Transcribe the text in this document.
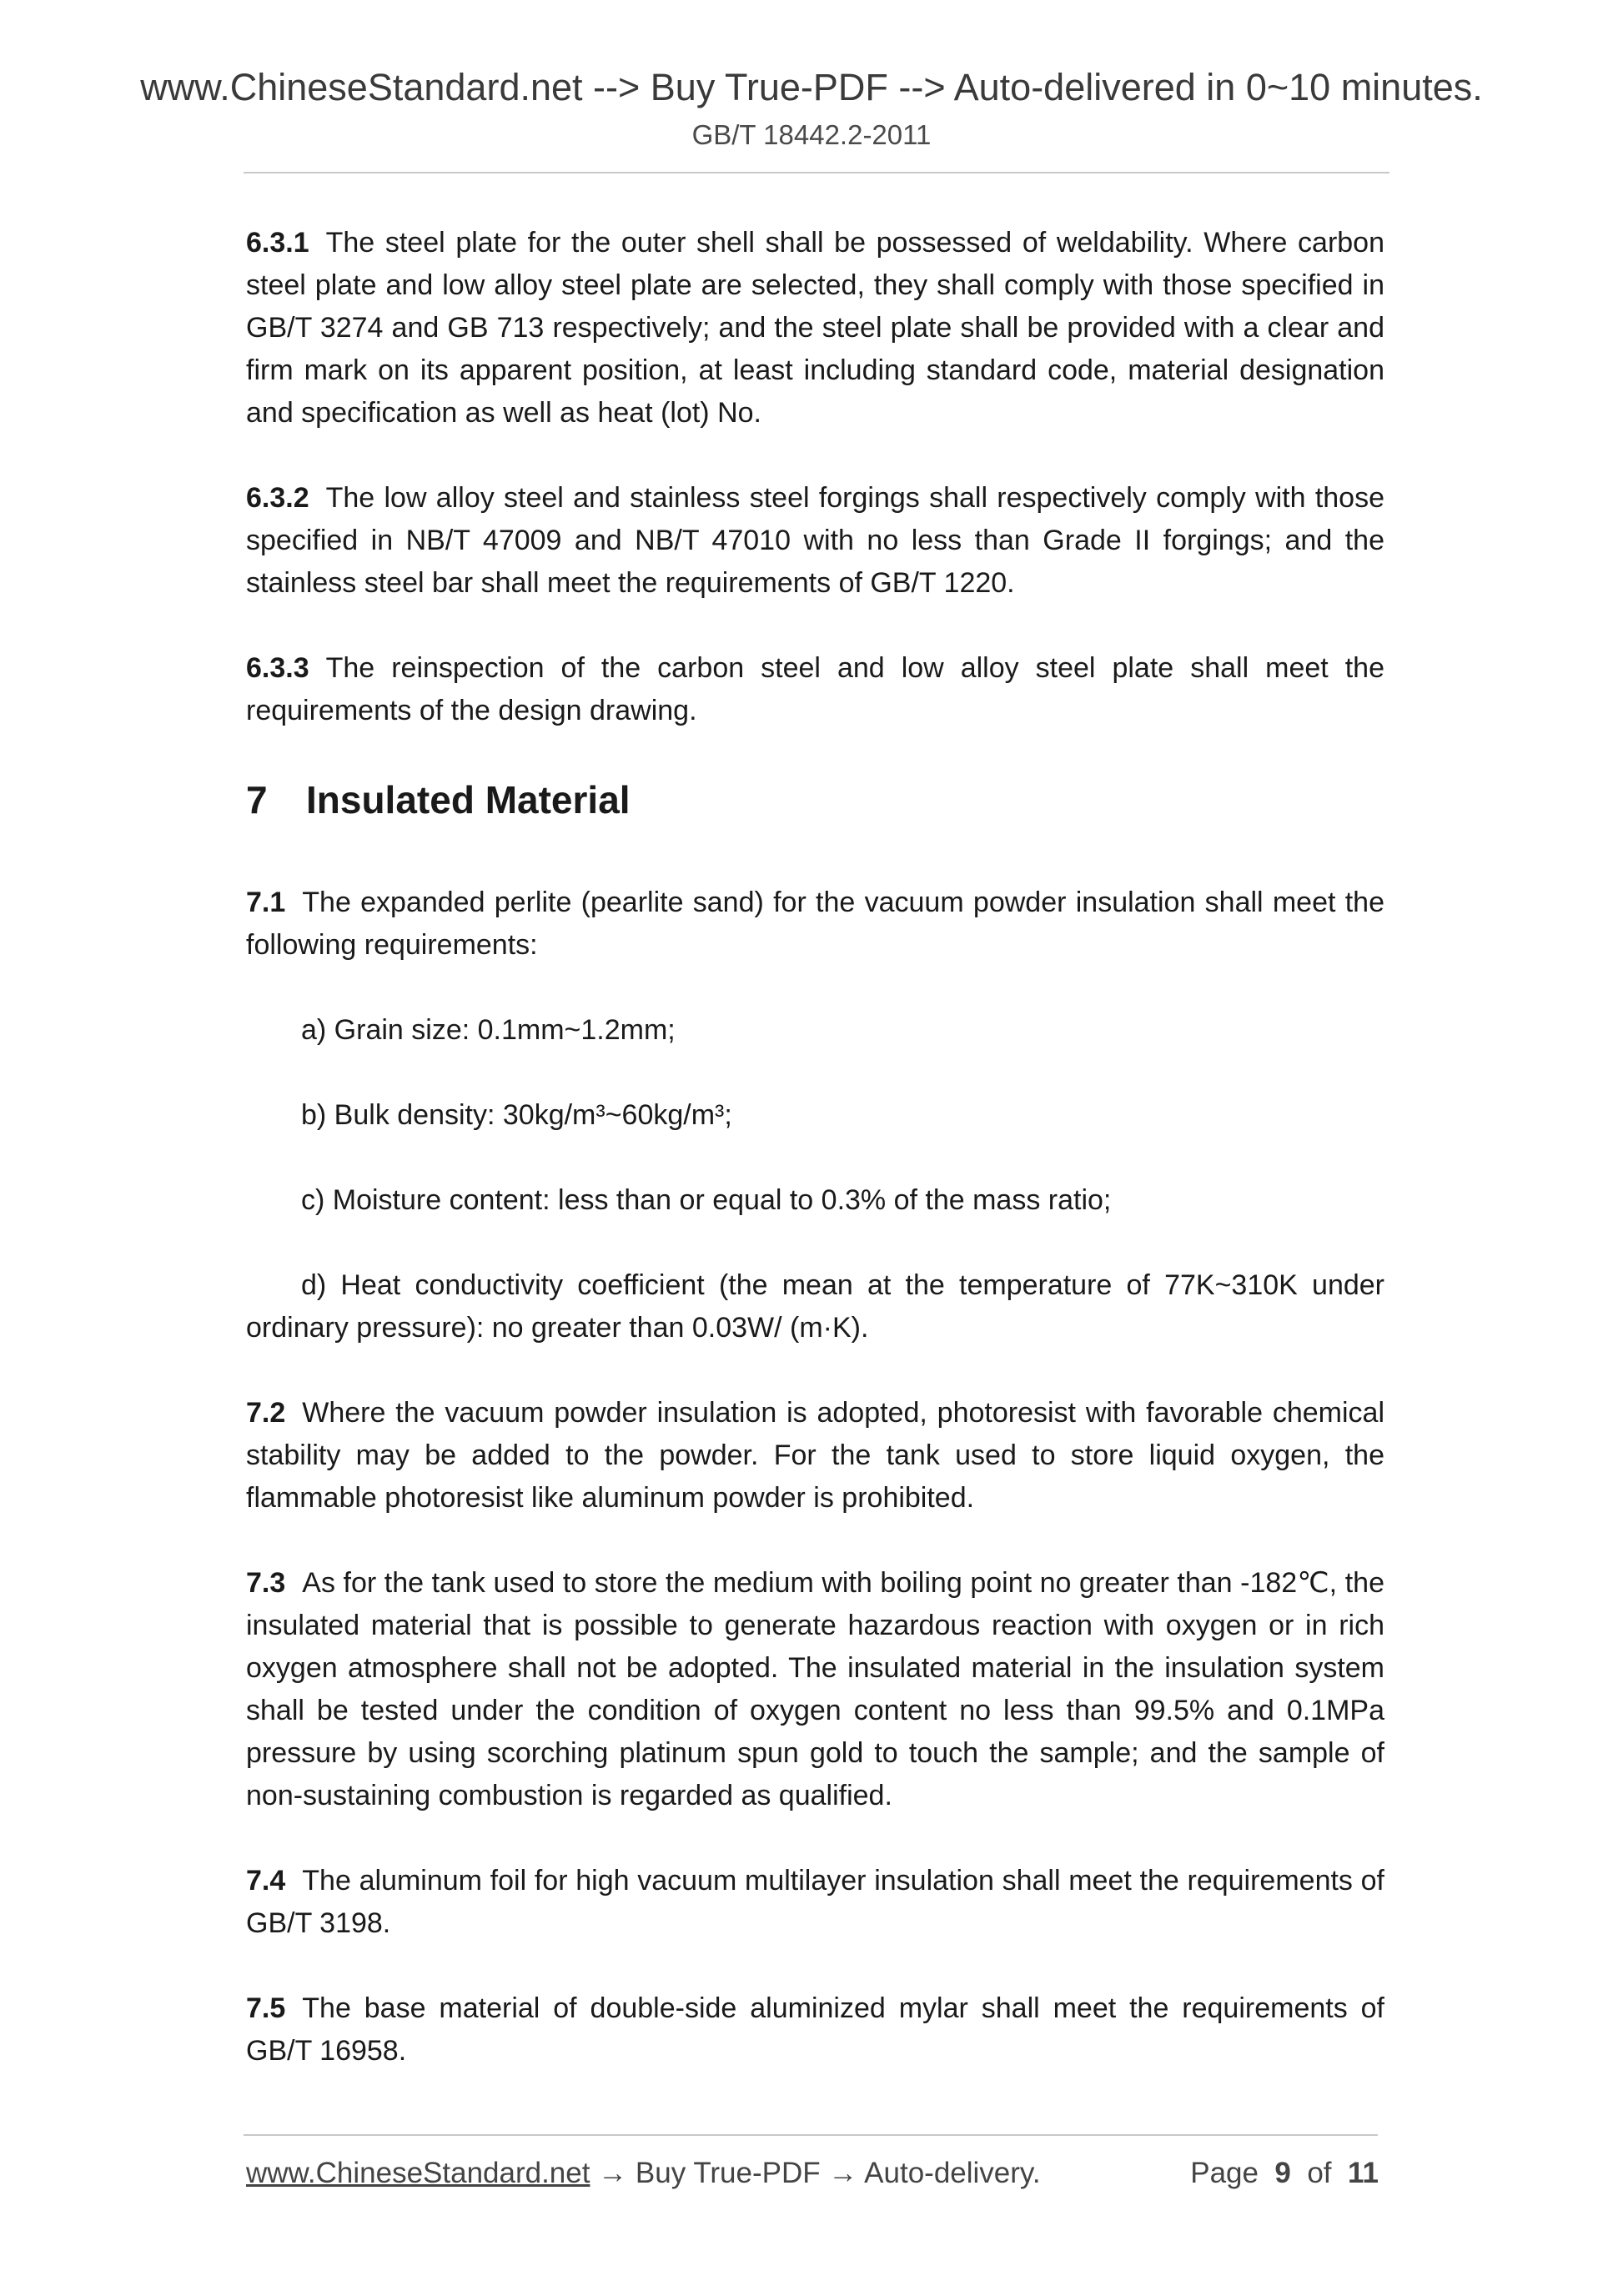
www.ChineseStandard.net --> Buy True-PDF --> Auto-delivered in 0~10 minutes.
GB/T 18442.2-2011

6.3.1 The steel plate for the outer shell shall be possessed of weldability. Where carbon steel plate and low alloy steel plate are selected, they shall comply with those specified in GB/T 3274 and GB 713 respectively; and the steel plate shall be provided with a clear and firm mark on its apparent position, at least including standard code, material designation and specification as well as heat (lot) No.

6.3.2 The low alloy steel and stainless steel forgings shall respectively comply with those specified in NB/T 47009 and NB/T 47010 with no less than Grade II forgings; and the stainless steel bar shall meet the requirements of GB/T 1220.

6.3.3 The reinspection of the carbon steel and low alloy steel plate shall meet the requirements of the design drawing.

7 Insulated Material

7.1 The expanded perlite (pearlite sand) for the vacuum powder insulation shall meet the following requirements:

a) Grain size: 0.1mm~1.2mm;

b) Bulk density: 30kg/m³~60kg/m³;

c) Moisture content: less than or equal to 0.3% of the mass ratio;

d) Heat conductivity coefficient (the mean at the temperature of 77K~310K under ordinary pressure): no greater than 0.03W/ (m·K).

7.2 Where the vacuum powder insulation is adopted, photoresist with favorable chemical stability may be added to the powder. For the tank used to store liquid oxygen, the flammable photoresist like aluminum powder is prohibited.

7.3 As for the tank used to store the medium with boiling point no greater than -182℃, the insulated material that is possible to generate hazardous reaction with oxygen or in rich oxygen atmosphere shall not be adopted. The insulated material in the insulation system shall be tested under the condition of oxygen content no less than 99.5% and 0.1MPa pressure by using scorching platinum spun gold to touch the sample; and the sample of non-sustaining combustion is regarded as qualified.

7.4 The aluminum foil for high vacuum multilayer insulation shall meet the requirements of GB/T 3198.

7.5 The base material of double-side aluminized mylar shall meet the requirements of GB/T 16958.

www.ChineseStandard.net → Buy True-PDF → Auto-delivery.	Page 9 of 11
